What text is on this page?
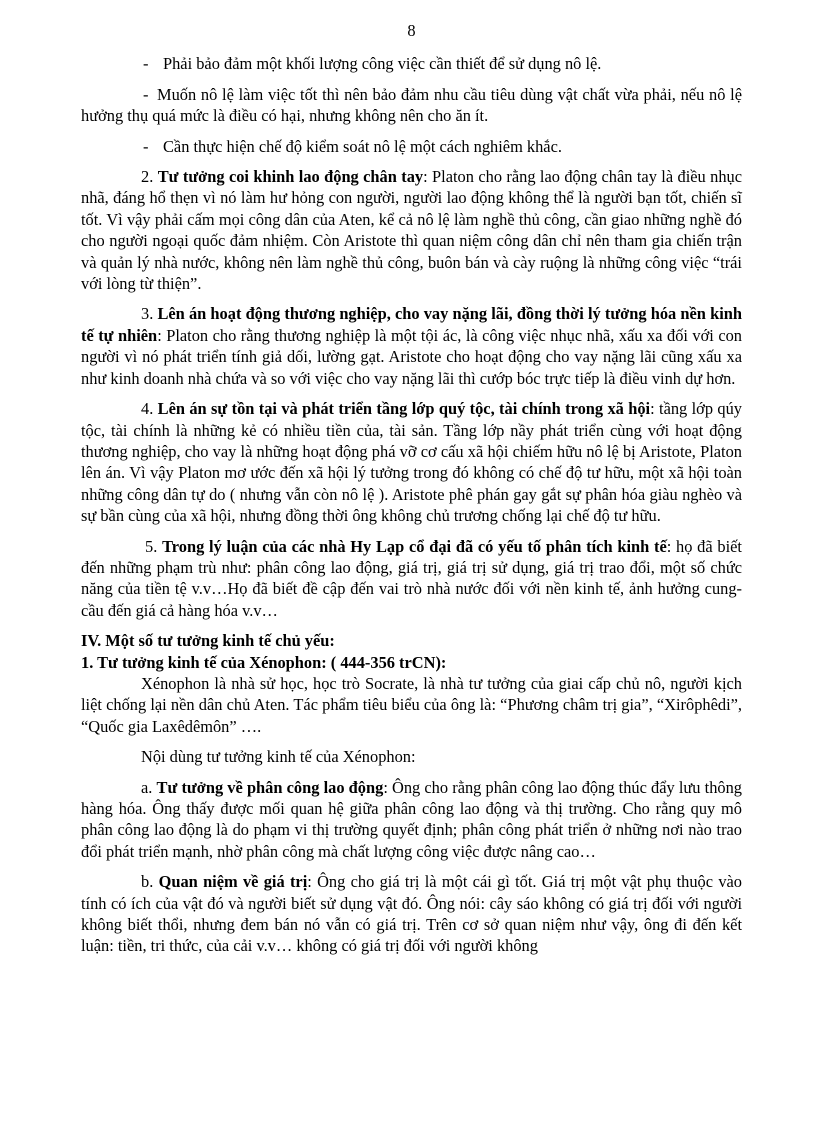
8

- Phải bảo đảm một khối lượng công việc cần thiết để sử dụng nô lệ.

- Muốn nô lệ làm việc tốt thì nên bảo đảm nhu cầu tiêu dùng vật chất vừa phải, nếu nô lệ hưởng thụ quá mức là điều có hại, nhưng không nên cho ăn ít.

- Cần thực hiện chế độ kiểm soát nô lệ một cách nghiêm khắc.

2. Tư tưởng coi khinh lao động chân tay: Platon cho rằng lao động chân tay là điều nhục nhã, đáng hổ thẹn vì nó làm hư hỏng con người, người lao động không thể là người bạn tốt, chiến sĩ tốt. Vì vậy phải cấm mọi công dân của Aten, kể cả nô lệ làm nghề thủ công, cần giao những nghề đó cho người ngoại quốc đảm nhiệm. Còn Aristote thì quan niệm công dân chỉ nên tham gia chiến trận và quản lý nhà nước, không nên làm nghề thủ công, buôn bán và cày ruộng là những công việc “trái với lòng từ thiện”.

3. Lên án hoạt động thương nghiệp, cho vay nặng lãi, đồng thời lý tưởng hóa nền kinh tế tự nhiên: Platon cho rằng thương nghiệp là một tội ác, là công việc nhục nhã, xấu xa đối với con người vì nó phát triển tính giả dối, lường gạt. Aristote cho hoạt động cho vay nặng lãi cũng xấu xa như kinh doanh nhà chứa và so với việc cho vay nặng lãi thì cướp bóc trực tiếp là điều vinh dự hơn.

4. Lên án sự tồn tại và phát triển tầng lớp quý tộc, tài chính trong xã hội: tầng lớp qúy tộc, tài chính là những kẻ có nhiều tiền của, tài sản. Tầng lớp nầy phát triển cùng với hoạt động thương nghiệp, cho vay là những hoạt động phá vỡ cơ cấu xã hội chiếm hữu nô lệ bị Aristote, Platon lên án. Vì vậy Platon mơ ước đến xã hội lý tưởng trong đó không có chế độ tư hữu, một xã hội toàn những công dân tự do ( nhưng vẫn còn nô lệ ). Aristote phê phán gay gắt sự phân hóa giàu nghèo và sự bần cùng của xã hội, nhưng đồng thời ông không chủ trương chống lại chế độ tư hữu.

5. Trong lý luận của các nhà Hy Lạp cổ đại đã có yếu tố phân tích kinh tế: họ đã biết đến những phạm trù như: phân công lao động, giá trị, giá trị sử dụng, giá trị trao đổi, một số chức năng của tiền tệ v.v…Họ đã biết đề cập đến vai trò nhà nước đối với nền kinh tế, ảnh hưởng cung- cầu đến giá cả hàng hóa v.v…

IV. Một số tư tưởng kinh tế chủ yếu:

1. Tư tưởng kinh tế của Xénophon: ( 444-356 trCN):

Xénophon là nhà sử học, học trò Socrate, là nhà tư tưởng của giai cấp chủ nô, người kịch liệt chống lại nền dân chủ Aten. Tác phẩm tiêu biểu của ông là: “Phương châm trị gia”, “Xirôphêdi”, “Quốc gia Laxêdêmôn” ….

Nội dùng tư tưởng kinh tế của Xénophon:

a. Tư tưởng về phân công lao động: Ông cho rằng phân công lao động thúc đẩy lưu thông hàng hóa. Ông thấy được mối quan hệ giữa phân công lao động và thị trường. Cho rằng quy mô phân công lao động là do phạm vi thị trường quyết định; phân công phát triển ở những nơi nào trao đổi phát triển mạnh, nhờ phân công mà chất lượng công việc được nâng cao…

b. Quan niệm về giá trị: Ông cho giá trị là một cái gì tốt. Giá trị một vật phụ thuộc vào tính có ích của vật đó và người biết sử dụng vật đó. Ông nói: cây sáo không có giá trị đối với người không biết thổi, nhưng đem bán nó vẫn có giá trị. Trên cơ sở quan niệm như vậy, ông đi đến kết luận: tiền, tri thức, của cải v.v… không có giá trị đối với người không
